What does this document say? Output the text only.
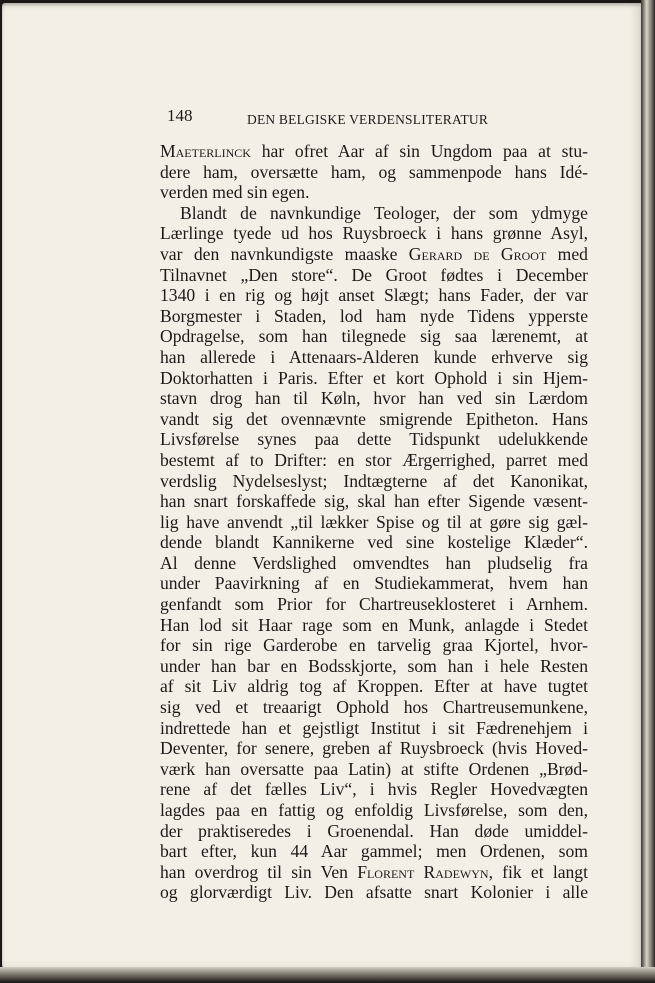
148	DEN BELGISKE VERDENSLITERATUR
Maeterlinck har ofret Aar af sin Ungdom paa at stu-
dere ham, oversætte ham, og sammenpode hans Idé-
verden med sin egen.
Blandt de navnkundige Teologer, der som ydmyge
Lærlinge tyede ud hos Ruysbroeck i hans grønne Asyl,
var den navnkundigste maaske Gerard de Groot med
Tilnavnet „Den store“. De Groot fødtes i December
1340 i en rig og højt anset Slægt; hans Fader, der var
Borgmester i Staden, lod ham nyde Tidens ypperste
Opdragelse, som han tilegnede sig saa lærenemt, at
han allerede i Attenaars-Alderen kunde erhverve sig
Doktorhatten i Paris. Efter et kort Ophold i sin Hjem-
stavn drog han til Køln, hvor han ved sin Lærdom
vandt sig det ovennævnte smigrende Epitheton. Hans
Livsførelse synes paa dette Tidspunkt udelukkende
bestemt af to Drifter: en stor Ærgerrighed, parret med
verdslig Nydelseslyst; Indtægterne af det Kanonikat,
han snart forskaffede sig, skal han efter Sigende væsent-
lig have anvendt „til lækker Spise og til at gøre sig gæl-
dende blandt Kannikerne ved sine kostelige Klæder“.
Al denne Verdslighed omvendtes han pludselig fra
under Paavirkning af en Studiekammerat, hvem han
genfandt som Prior for Chartreuseklosteret i Arnhem.
Han lod sit Haar rage som en Munk, anlagde i Stedet
for sin rige Garderobe en tarvelig graa Kjortel, hvor-
under han bar en Bodsskjorte, som han i hele Resten
af sit Liv aldrig tog af Kroppen. Efter at have tugtet
sig ved et treaarigt Ophold hos Chartreusemunkene,
indrettede han et gejstligt Institut i sit Fædrenehjem i
Deventer, for senere, greben af Ruysbroeck (hvis Hoved-
værk han oversatte paa Latin) at stifte Ordenen „Brød-
rene af det fælles Liv“, i hvis Regler Hovedvægten
lagdes paa en fattig og enfoldig Livsførelse, som den,
der praktiseredes i Groenendal. Han døde umiddel-
bart efter, kun 44 Aar gammel; men Ordenen, som
han overdrog til sin Ven Florent Radewyn, fik et langt
og glorværdigt Liv. Den afsatte snart Kolonier i alle
